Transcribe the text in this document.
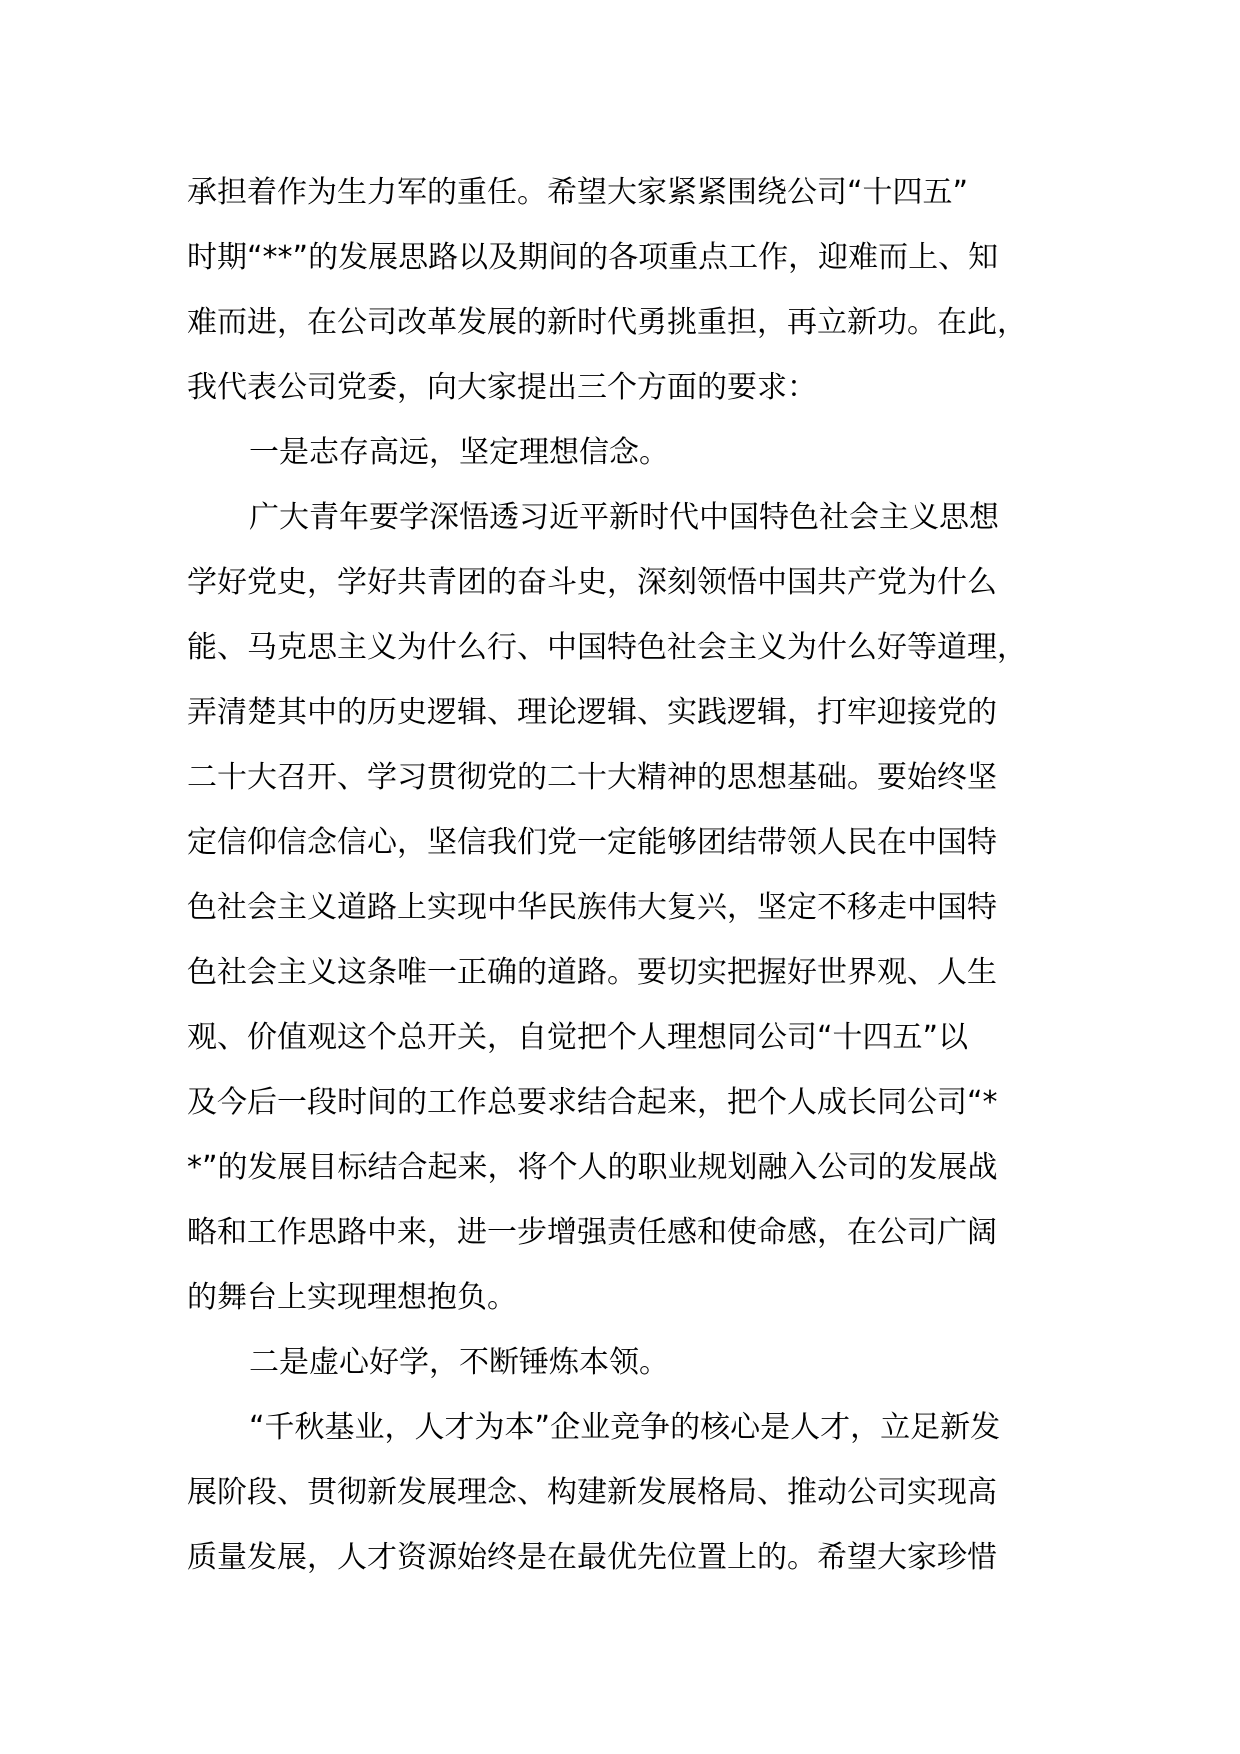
承担着作为生力军的重任。希望大家紧紧围绕公司“十四五”
时期“**”的发展思路以及期间的各项重点工作，迎难而上、知
难而进，在公司改革发展的新时代勇挑重担，再立新功。在此，
我代表公司党委，向大家提出三个方面的要求：
一是志存高远，坚定理想信念。
广大青年要学深悟透习近平新时代中国特色社会主义思想
学好党史，学好共青团的奋斗史，深刻领悟中国共产党为什么
能、马克思主义为什么行、中国特色社会主义为什么好等道理，
弄清楚其中的历史逻辑、理论逻辑、实践逻辑，打牢迎接党的
二十大召开、学习贯彻党的二十大精神的思想基础。要始终坚
定信仰信念信心，坚信我们党一定能够团结带领人民在中国特
色社会主义道路上实现中华民族伟大复兴，坚定不移走中国特
色社会主义这条唯一正确的道路。要切实把握好世界观、人生
观、价值观这个总开关，自觉把个人理想同公司“十四五”以
及今后一段时间的工作总要求结合起来，把个人成长同公司“*
*”的发展目标结合起来，将个人的职业规划融入公司的发展战
略和工作思路中来，进一步增强责任感和使命感，在公司广阔
的舞台上实现理想抱负。
二是虚心好学，不断锤炼本领。
“千秋基业，人才为本”企业竞争的核心是人才，立足新发
展阶段、贯彻新发展理念、构建新发展格局、推动公司实现高
质量发展，人才资源始终是在最优先位置上的。希望大家珍惜
